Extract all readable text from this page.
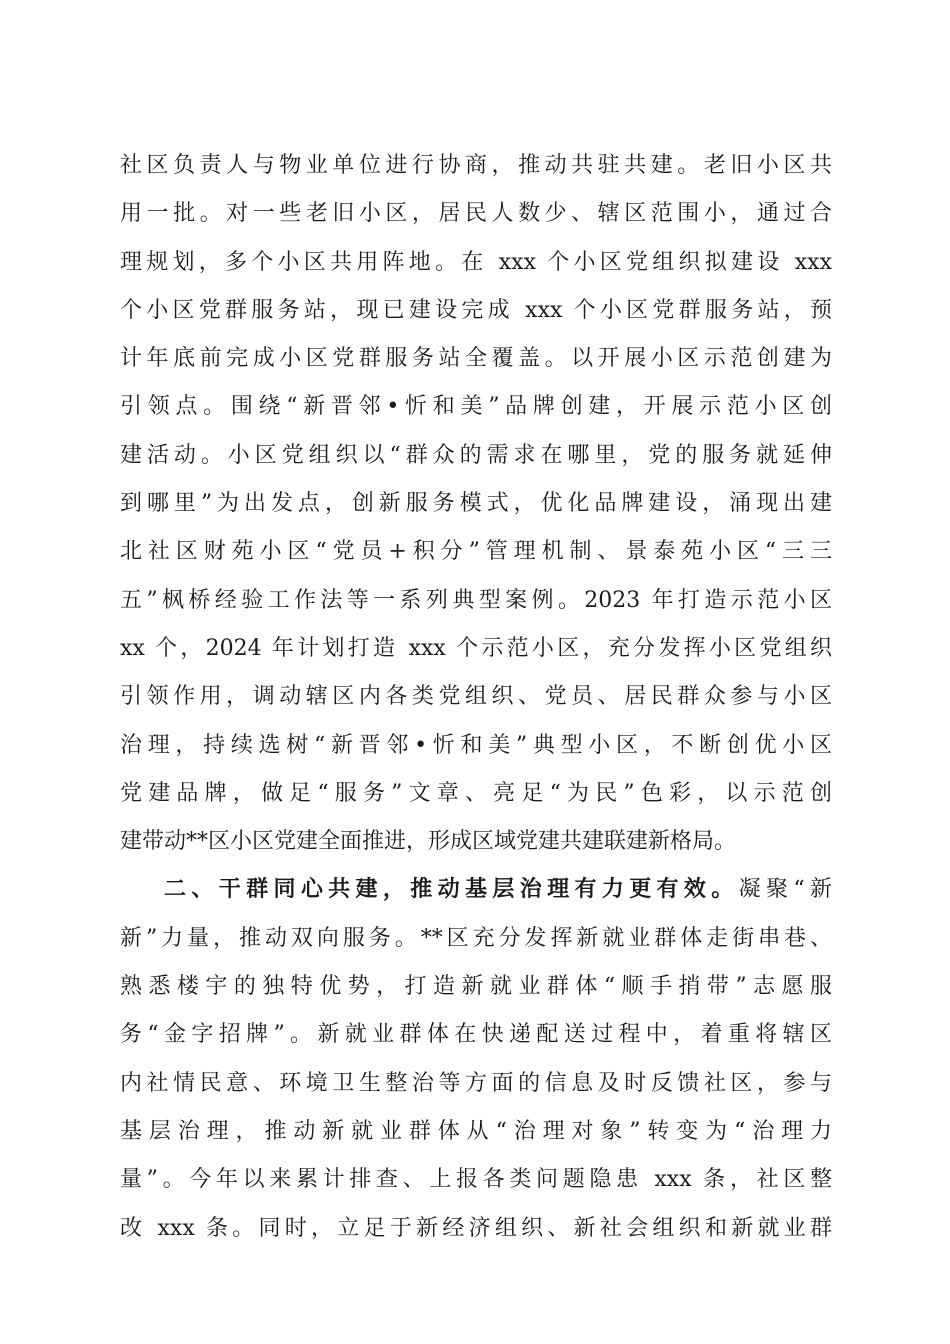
社区负责人与物业单位进行协商，推动共驻共建。老旧小区共
用一批。对一些老旧小区，居民人数少、辖区范围小，通过合
理规划，多个小区共用阵地。在 xxx 个小区党组织拟建设 xxx
个小区党群服务站，现已建设完成 xxx 个小区党群服务站，预
计年底前完成小区党群服务站全覆盖。以开展小区示范创建为
引领点。围绕“新晋邻•忻和美”品牌创建，开展示范小区创
建活动。小区党组织以“群众的需求在哪里，党的服务就延伸
到哪里”为出发点，创新服务模式，优化品牌建设，涌现出建
北社区财苑小区“党员+积分”管理机制、景泰苑小区“三三
五”枫桥经验工作法等一系列典型案例。2023 年打造示范小区
xx 个，2024 年计划打造 xxx 个示范小区，充分发挥小区党组织
引领作用，调动辖区内各类党组织、党员、居民群众参与小区
治理，持续选树“新晋邻•忻和美”典型小区，不断创优小区
党建品牌，做足“服务”文章、亮足“为民”色彩，以示范创
建带动**区小区党建全面推进，形成区域党建共建联建新格局。
二、干群同心共建，推动基层治理有力更有效。凝聚“新
新”力量，推动双向服务。**区充分发挥新就业群体走街串巷、
熟悉楼宇的独特优势，打造新就业群体“顺手捎带”志愿服
务“金字招牌”。新就业群体在快递配送过程中，着重将辖区
内社情民意、环境卫生整治等方面的信息及时反馈社区，参与
基层治理，推动新就业群体从“治理对象”转变为“治理力
量”。今年以来累计排查、上报各类问题隐患 xxx 条，社区整
改 xxx 条。同时，立足于新经济组织、新社会组织和新就业群
